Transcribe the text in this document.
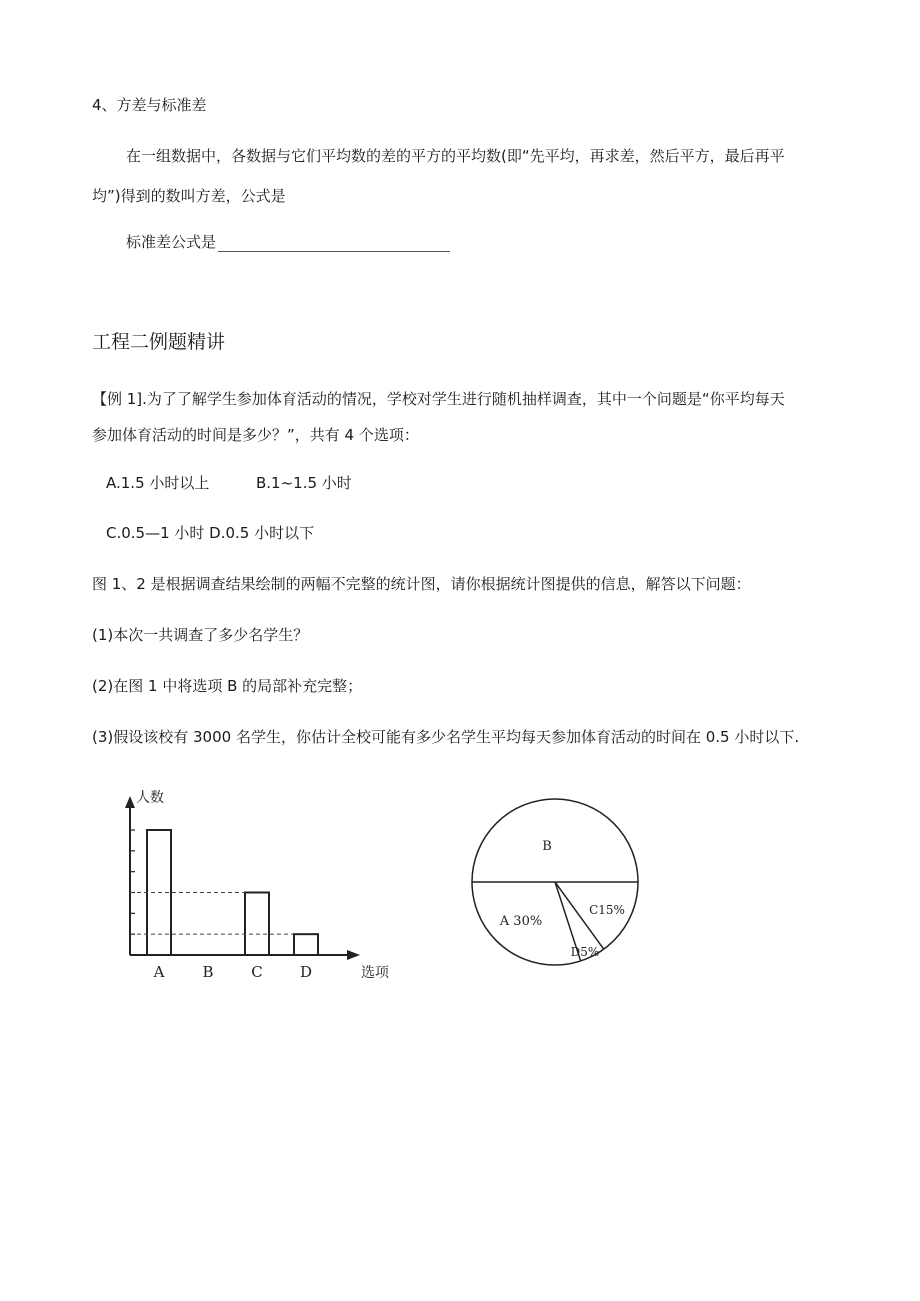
4、方差与标准差
在一组数据中，各数据与它们平均数的差的平方的平均数(即“先平均，再求差，然后平方，最后再平
均”)得到的数叫方差，公式是
标准差公式是
工程二例题精讲
【例 1].为了了解学生参加体育活动的情况，学校对学生进行随机抽样调查，其中一个问题是“你平均每天
参加体育活动的时间是多少？”，共有 4 个选项：
A.1.5 小时以上	B.1~1.5 小时
C.0.5—1 小时 D.0.5 小时以下
图 1、2 是根据调查结果绘制的两幅不完整的统计图，请你根据统计图提供的信息，解答以下问题：
(1)本次一共调查了多少名学生？
(2)在图 1 中将选项 B 的局部补充完整；
(3)假设该校有 3000 名学生，你估计全校可能有多少名学生平均每天参加体育活动的时间在 0.5 小时以下.
人数
选项
A	B	C D
B
A 30%
C15%
D5%
